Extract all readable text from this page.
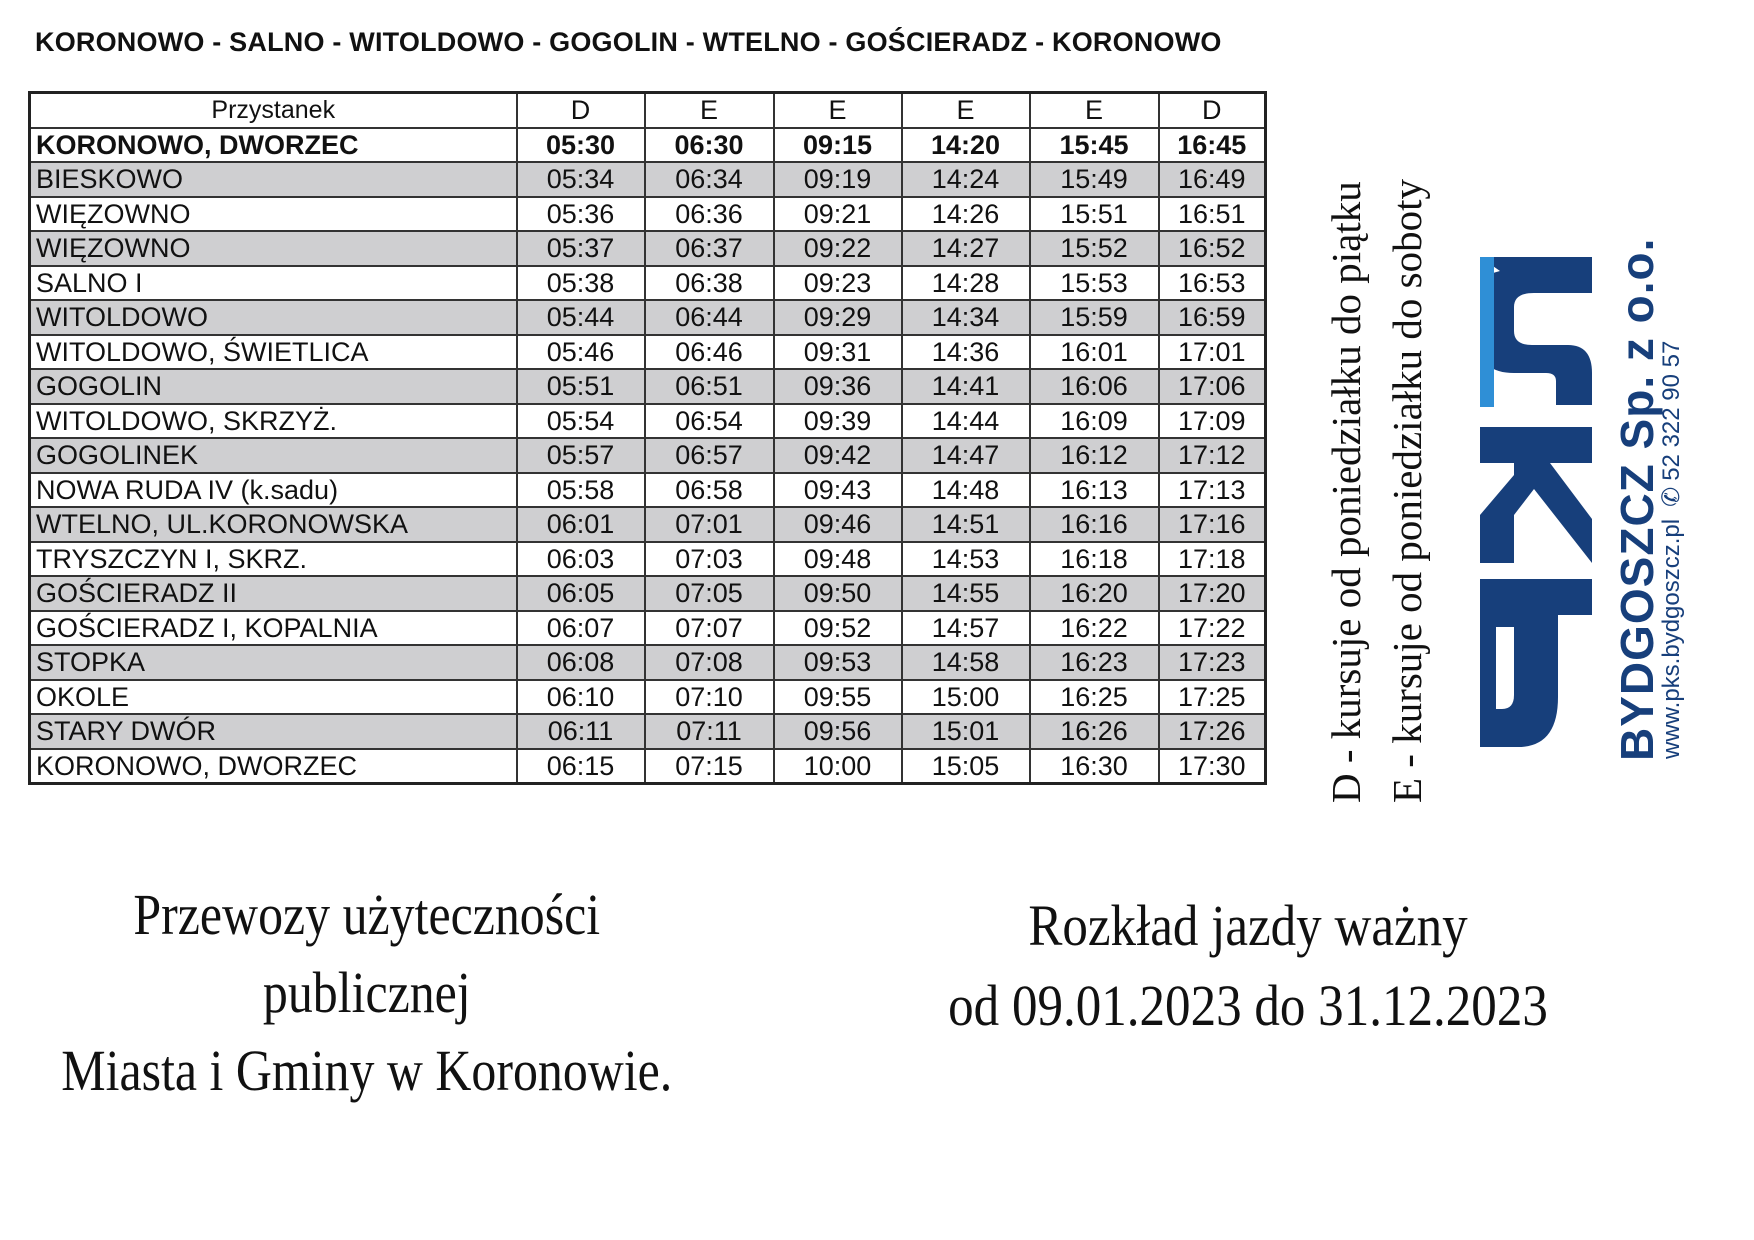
KORONOWO - SALNO - WITOLDOWO - GOGOLIN - WTELNO - GOŚCIERADZ - KORONOWO
Przystanek	D	E	E	E	E	D
KORONOWO, DWORZEC	05:30	06:30	09:15	14:20	15:45	16:45
BIESKOWO	05:34	06:34	09:19	14:24	15:49	16:49
WIĘZOWNO	05:36	06:36	09:21	14:26	15:51	16:51
WIĘZOWNO	05:37	06:37	09:22	14:27	15:52	16:52
SALNO I	05:38	06:38	09:23	14:28	15:53	16:53
WITOLDOWO	05:44	06:44	09:29	14:34	15:59	16:59
WITOLDOWO, ŚWIETLICA	05:46	06:46	09:31	14:36	16:01	17:01
GOGOLIN	05:51	06:51	09:36	14:41	16:06	17:06
WITOLDOWO, SKRZYŻ.	05:54	06:54	09:39	14:44	16:09	17:09
GOGOLINEK	05:57	06:57	09:42	14:47	16:12	17:12
NOWA RUDA IV (k.sadu)	05:58	06:58	09:43	14:48	16:13	17:13
WTELNO, UL.KORONOWSKA	06:01	07:01	09:46	14:51	16:16	17:16
TRYSZCZYN I, SKRZ.	06:03	07:03	09:48	14:53	16:18	17:18
GOŚCIERADZ II	06:05	07:05	09:50	14:55	16:20	17:20
GOŚCIERADZ I, KOPALNIA	06:07	07:07	09:52	14:57	16:22	17:22
STOPKA	06:08	07:08	09:53	14:58	16:23	17:23
OKOLE	06:10	07:10	09:55	15:00	16:25	17:25
STARY DWÓR	06:11	07:11	09:56	15:01	16:26	17:26
KORONOWO, DWORZEC	06:15	07:15	10:00	15:05	16:30	17:30 D - kursuje od poniedziałku do piątku E - kursuje od poniedziałku do soboty	BYDGOSZCZ Sp. z o.o.
www.pks.bydgoszcz.pl✆52 322 90 57
Przewozy użyteczności publicznej
Miasta i Gminy w Koronowie.
Rozkład jazdy ważny
od 09.01.2023 do 31.12.2023
